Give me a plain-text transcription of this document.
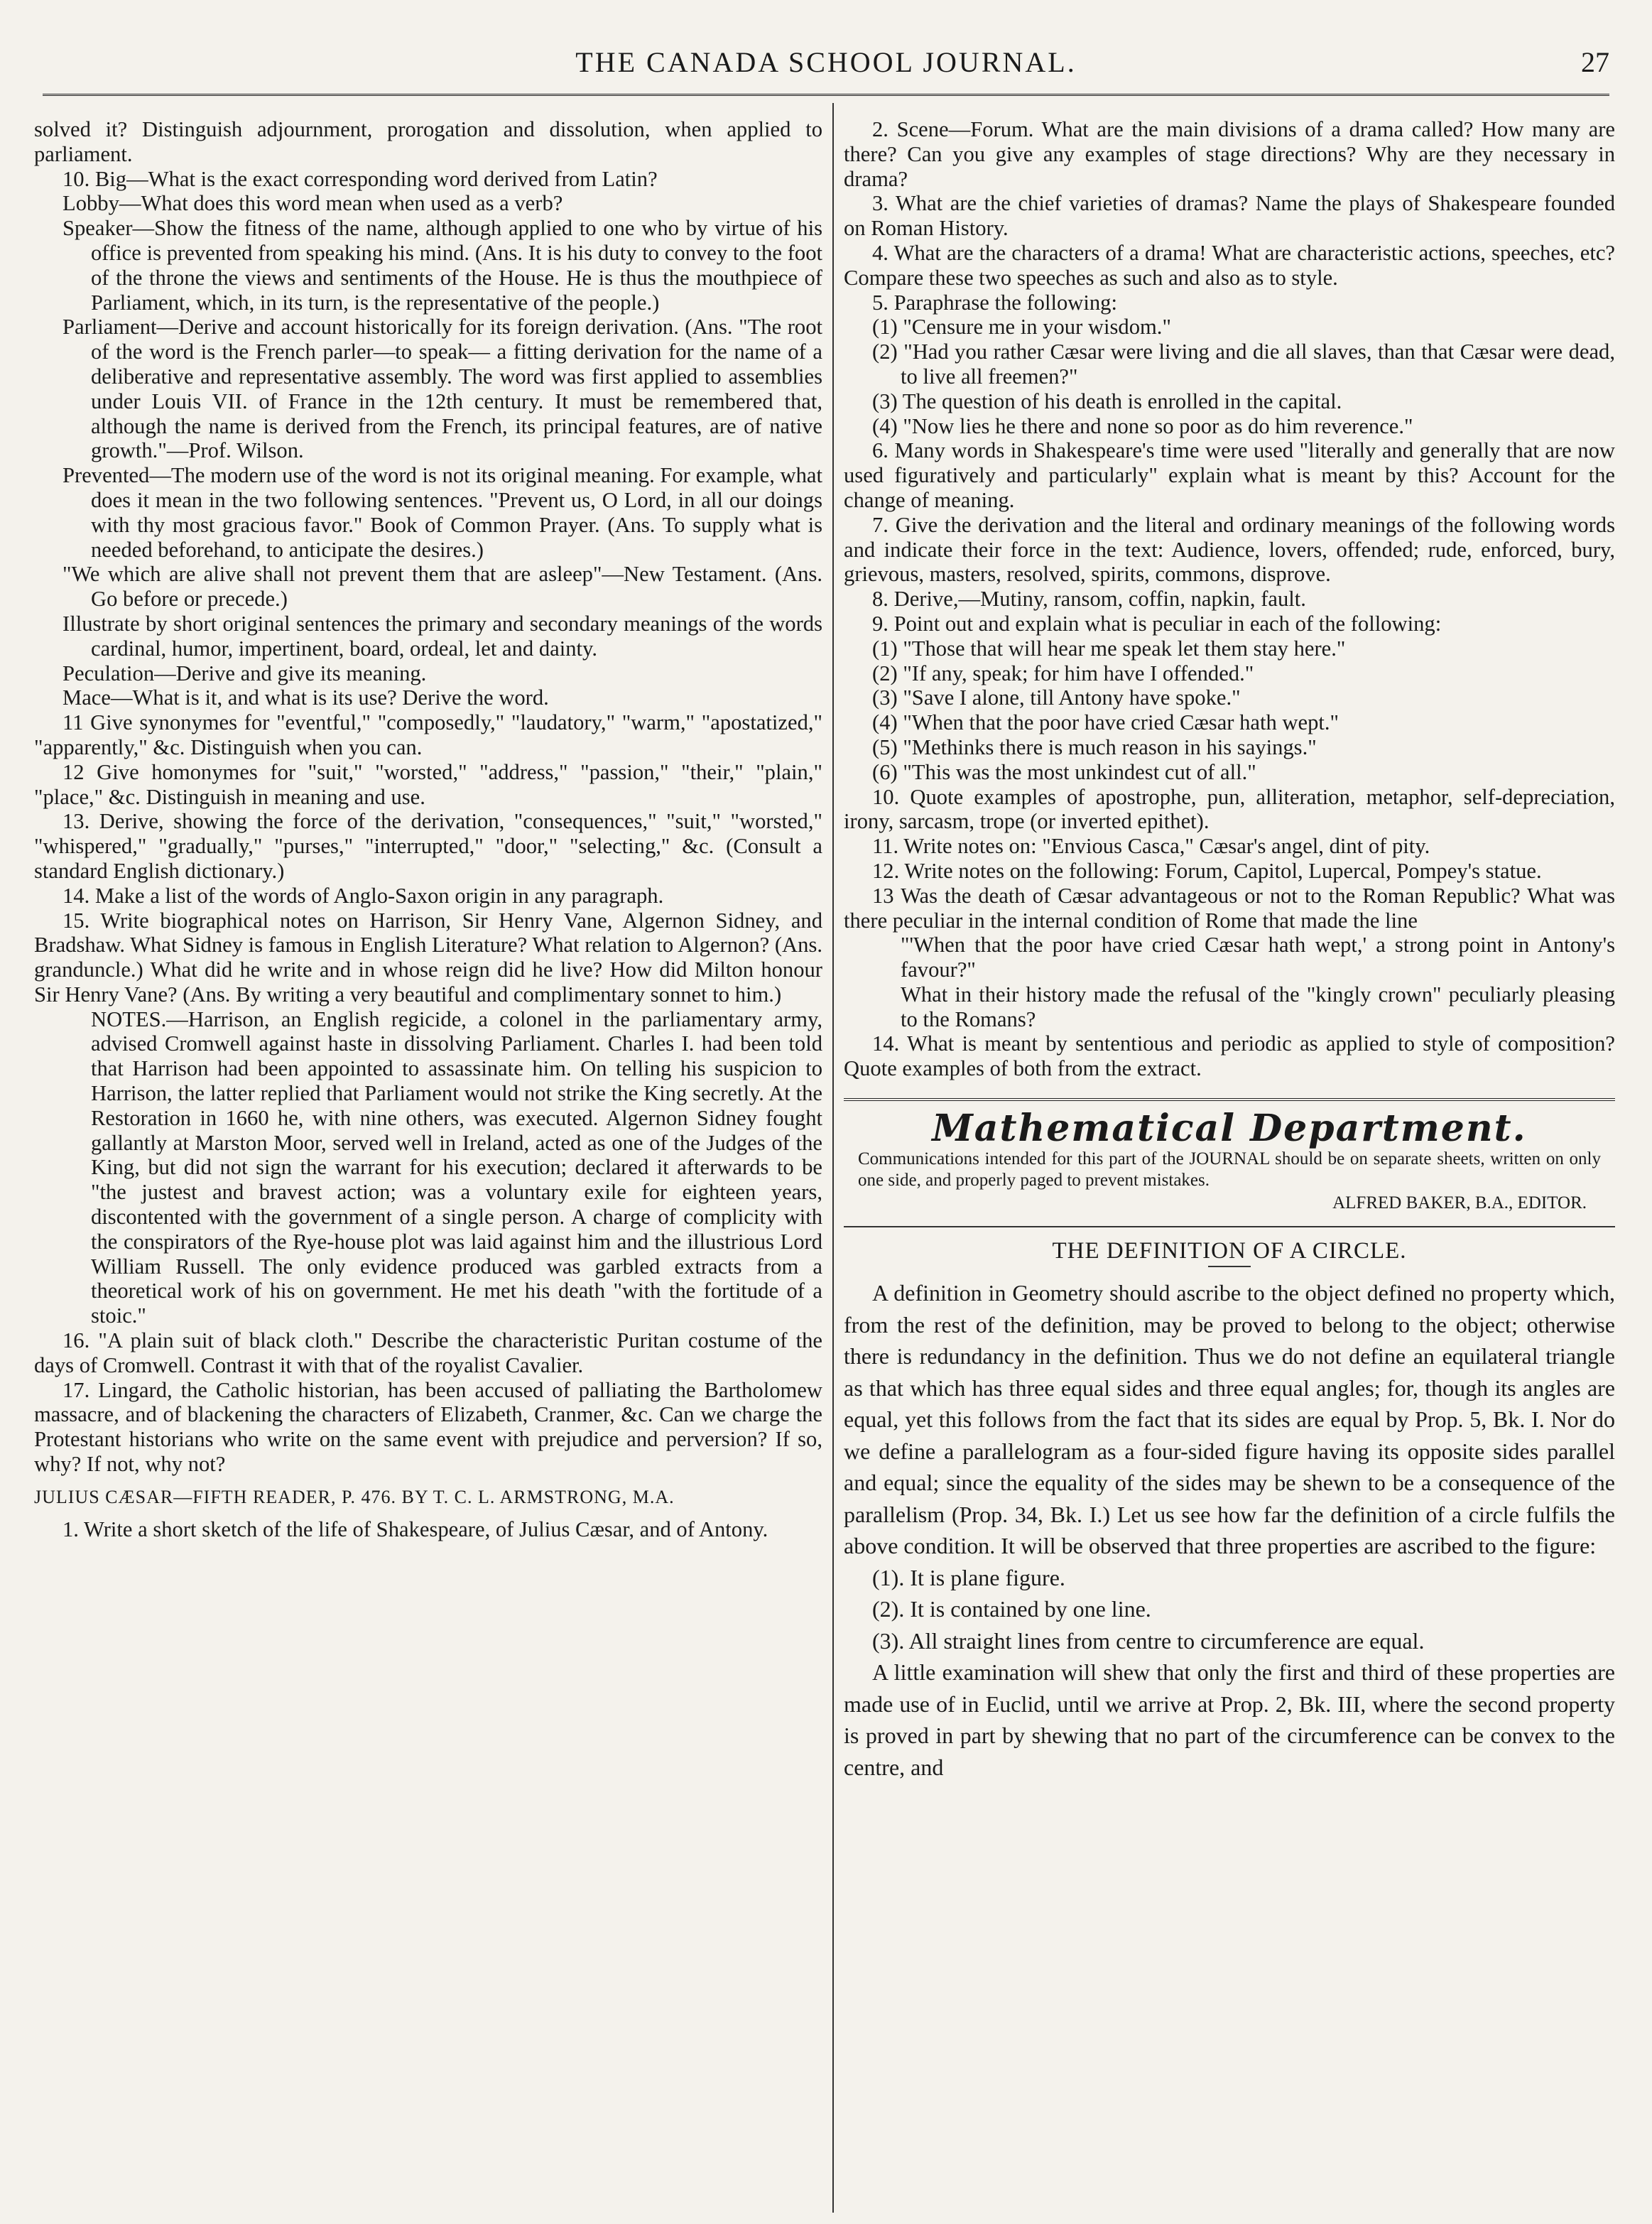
THE CANADA SCHOOL JOURNAL.	27

solved it? Distinguish adjournment, prorogation and dissolution, when applied to parliament.

10. Big—What is the exact corresponding word derived from Latin?

Lobby—What does this word mean when used as a verb?

Speaker—Show the fitness of the name, although applied to one who by virtue of his office is prevented from speaking his mind. (Ans. It is his duty to convey to the foot of the throne the views and sentiments of the House. He is thus the mouthpiece of Parliament, which, in its turn, is the representative of the people.)

Parliament—Derive and account historically for its foreign derivation. (Ans. "The root of the word is the French parler—to speak— a fitting derivation for the name of a deliberative and representative assembly. The word was first applied to assemblies under Louis VII. of France in the 12th century. It must be remembered that, although the name is derived from the French, its principal features, are of native growth."—Prof. Wilson.

Prevented—The modern use of the word is not its original meaning. For example, what does it mean in the two following sentences. "Prevent us, O Lord, in all our doings with thy most gracious favor." Book of Common Prayer. (Ans. To supply what is needed beforehand, to anticipate the desires.)

"We which are alive shall not prevent them that are asleep"—New Testament. (Ans. Go before or precede.)

Illustrate by short original sentences the primary and secondary meanings of the words cardinal, humor, impertinent, board, ordeal, let and dainty.

Peculation—Derive and give its meaning.

Mace—What is it, and what is its use? Derive the word.

11 Give synonymes for "eventful," "composedly," "laudatory," "warm," "apostatized," "apparently," &c. Distinguish when you can.

12 Give homonymes for "suit," "worsted," "address," "passion," "their," "plain," "place," &c. Distinguish in meaning and use.

13. Derive, showing the force of the derivation, "consequences," "suit," "worsted," "whispered," "gradually," "purses," "interrupted," "door," "selecting," &c. (Consult a standard English dictionary.)

14. Make a list of the words of Anglo-Saxon origin in any paragraph.

15. Write biographical notes on Harrison, Sir Henry Vane, Algernon Sidney, and Bradshaw. What Sidney is famous in English Literature? What relation to Algernon? (Ans. granduncle.) What did he write and in whose reign did he live? How did Milton honour Sir Henry Vane? (Ans. By writing a very beautiful and complimentary sonnet to him.)

NOTES.—Harrison, an English regicide, a colonel in the parliamentary army, advised Cromwell against haste in dissolving Parliament. Charles I. had been told that Harrison had been appointed to assassinate him. On telling his suspicion to Harrison, the latter replied that Parliament would not strike the King secretly. At the Restoration in 1660 he, with nine others, was executed. Algernon Sidney fought gallantly at Marston Moor, served well in Ireland, acted as one of the Judges of the King, but did not sign the warrant for his execution; declared it afterwards to be "the justest and bravest action; was a voluntary exile for eighteen years, discontented with the government of a single person. A charge of complicity with the conspirators of the Rye-house plot was laid against him and the illustrious Lord William Russell. The only evidence produced was garbled extracts from a theoretical work of his on government. He met his death "with the fortitude of a stoic."

16. "A plain suit of black cloth." Describe the characteristic Puritan costume of the days of Cromwell. Contrast it with that of the royalist Cavalier.

17. Lingard, the Catholic historian, has been accused of palliating the Bartholomew massacre, and of blackening the characters of Elizabeth, Cranmer, &c. Can we charge the Protestant historians who write on the same event with prejudice and perversion? If so, why? If not, why not?

JULIUS CÆSAR—FIFTH READER, P. 476. BY T. C. L. ARMSTRONG, M.A.

1. Write a short sketch of the life of Shakespeare, of Julius Cæsar, and of Antony.

2. Scene—Forum. What are the main divisions of a drama called? How many are there? Can you give any examples of stage directions? Why are they necessary in drama?

3. What are the chief varieties of dramas? Name the plays of Shakespeare founded on Roman History.

4. What are the characters of a drama! What are characteristic actions, speeches, etc? Compare these two speeches as such and also as to style.

5. Paraphrase the following:

(1) "Censure me in your wisdom."

(2) "Had you rather Cæsar were living and die all slaves, than that Cæsar were dead, to live all freemen?"

(3) The question of his death is enrolled in the capital.

(4) "Now lies he there and none so poor as do him reverence."

6. Many words in Shakespeare's time were used "literally and generally that are now used figuratively and particularly" explain what is meant by this? Account for the change of meaning.

7. Give the derivation and the literal and ordinary meanings of the following words and indicate their force in the text: Audience, lovers, offended; rude, enforced, bury, grievous, masters, resolved, spirits, commons, disprove.

8. Derive,—Mutiny, ransom, coffin, napkin, fault.

9. Point out and explain what is peculiar in each of the following:

(1) "Those that will hear me speak let them stay here."

(2) "If any, speak; for him have I offended."

(3) "Save I alone, till Antony have spoke."

(4) "When that the poor have cried Cæsar hath wept."

(5) "Methinks there is much reason in his sayings."

(6) "This was the most unkindest cut of all."

10. Quote examples of apostrophe, pun, alliteration, metaphor, self-depreciation, irony, sarcasm, trope (or inverted epithet).

11. Write notes on: "Envious Casca," Cæsar's angel, dint of pity.

12. Write notes on the following: Forum, Capitol, Lupercal, Pompey's statue.

13 Was the death of Cæsar advantageous or not to the Roman Republic? What was there peculiar in the internal condition of Rome that made the line

"'When that the poor have cried Cæsar hath wept,' a strong point in Antony's favour?"

What in their history made the refusal of the "kingly crown" peculiarly pleasing to the Romans?

14. What is meant by sententious and periodic as applied to style of composition? Quote examples of both from the extract.

Mathematical Department.
Communications intended for this part of the JOURNAL should be on separate sheets, written on only one side, and properly paged to prevent mistakes.
ALFRED BAKER, B.A., EDITOR.
THE DEFINITION OF A CIRCLE.

A definition in Geometry should ascribe to the object defined no property which, from the rest of the definition, may be proved to belong to the object; otherwise there is redundancy in the definition. Thus we do not define an equilateral triangle as that which has three equal sides and three equal angles; for, though its angles are equal, yet this follows from the fact that its sides are equal by Prop. 5, Bk. I. Nor do we define a parallelogram as a four-sided figure having its opposite sides parallel and equal; since the equality of the sides may be shewn to be a consequence of the parallelism (Prop. 34, Bk. I.) Let us see how far the definition of a circle fulfils the above condition. It will be observed that three properties are ascribed to the figure:

(1). It is plane figure.

(2). It is contained by one line.

(3). All straight lines from centre to circumference are equal.

A little examination will shew that only the first and third of these properties are made use of in Euclid, until we arrive at Prop. 2, Bk. III, where the second property is proved in part by shewing that no part of the circumference can be convex to the centre, and
